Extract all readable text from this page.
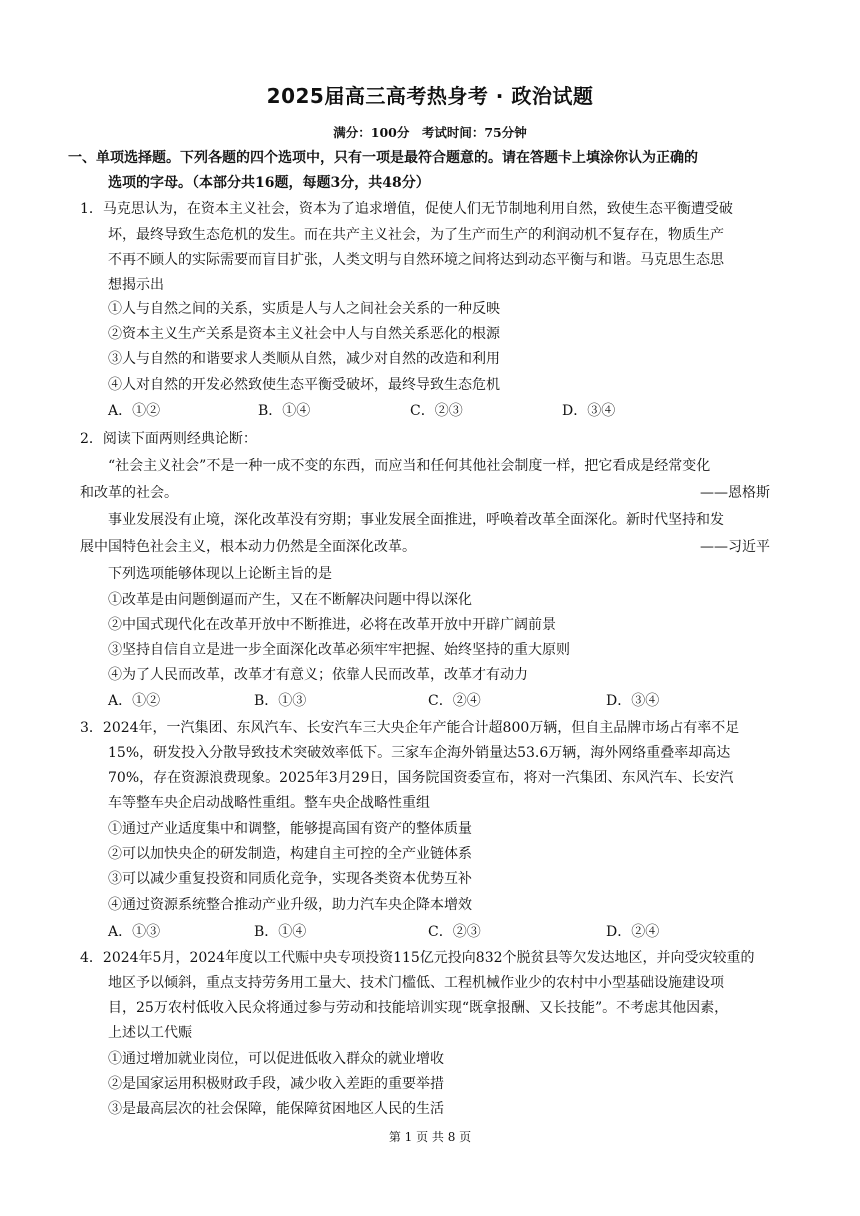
2025届高三高考热身考 · 政治试题
满分：100分　考试时间：75分钟
一、单项选择题。下列各题的四个选项中，只有一项是最符合题意的。请在答题卡上填涂你认为正确的
选项的字母。（本部分共16题，每题3分，共48分）
1．马克思认为，在资本主义社会，资本为了追求增值，促使人们无节制地利用自然，致使生态平衡遭受破
坏，最终导致生态危机的发生。而在共产主义社会，为了生产而生产的利润动机不复存在，物质生产
不再不顾人的实际需要而盲目扩张，人类文明与自然环境之间将达到动态平衡与和谐。马克思生态思
想揭示出
①人与自然之间的关系，实质是人与人之间社会关系的一种反映
②资本主义生产关系是资本主义社会中人与自然关系恶化的根源
③人与自然的和谐要求人类顺从自然，减少对自然的改造和利用
④人对自然的开发必然致使生态平衡受破坏，最终导致生态危机
A．①②	B．①④	C．②③	D．③④
2．阅读下面两则经典论断：
“社会主义社会”不是一种一成不变的东西，而应当和任何其他社会制度一样，把它看成是经常变化
和改革的社会。	——恩格斯
事业发展没有止境，深化改革没有穷期；事业发展全面推进，呼唤着改革全面深化。新时代坚持和发
展中国特色社会主义，根本动力仍然是全面深化改革。	——习近平
下列选项能够体现以上论断主旨的是
①改革是由问题倒逼而产生，又在不断解决问题中得以深化
②中国式现代化在改革开放中不断推进，必将在改革开放中开辟广阔前景
③坚持自信自立是进一步全面深化改革必须牢牢把握、始终坚持的重大原则
④为了人民而改革，改革才有意义；依靠人民而改革，改革才有动力
A．①②	B．①③	C．②④	D．③④
3．2024年，一汽集团、东风汽车、长安汽车三大央企年产能合计超800万辆，但自主品牌市场占有率不足
15%，研发投入分散导致技术突破效率低下。三家车企海外销量达53.6万辆，海外网络重叠率却高达
70%，存在资源浪费现象。2025年3月29日，国务院国资委宣布，将对一汽集团、东风汽车、长安汽
车等整车央企启动战略性重组。整车央企战略性重组
①通过产业适度集中和调整，能够提高国有资产的整体质量
②可以加快央企的研发制造，构建自主可控的全产业链体系
③可以减少重复投资和同质化竞争，实现各类资本优势互补
④通过资源系统整合推动产业升级，助力汽车央企降本增效
A．①③	B．①④	C．②③	D．②④
4．2024年5月，2024年度以工代赈中央专项投资115亿元投向832个脱贫县等欠发达地区，并向受灾较重的
地区予以倾斜，重点支持劳务用工量大、技术门槛低、工程机械作业少的农村中小型基础设施建设项
目，25万农村低收入民众将通过参与劳动和技能培训实现“既拿报酬、又长技能”。不考虑其他因素，
上述以工代赈
①通过增加就业岗位，可以促进低收入群众的就业增收
②是国家运用积极财政手段，减少收入差距的重要举措
③是最高层次的社会保障，能保障贫困地区人民的生活
第 1 页 共 8 页
